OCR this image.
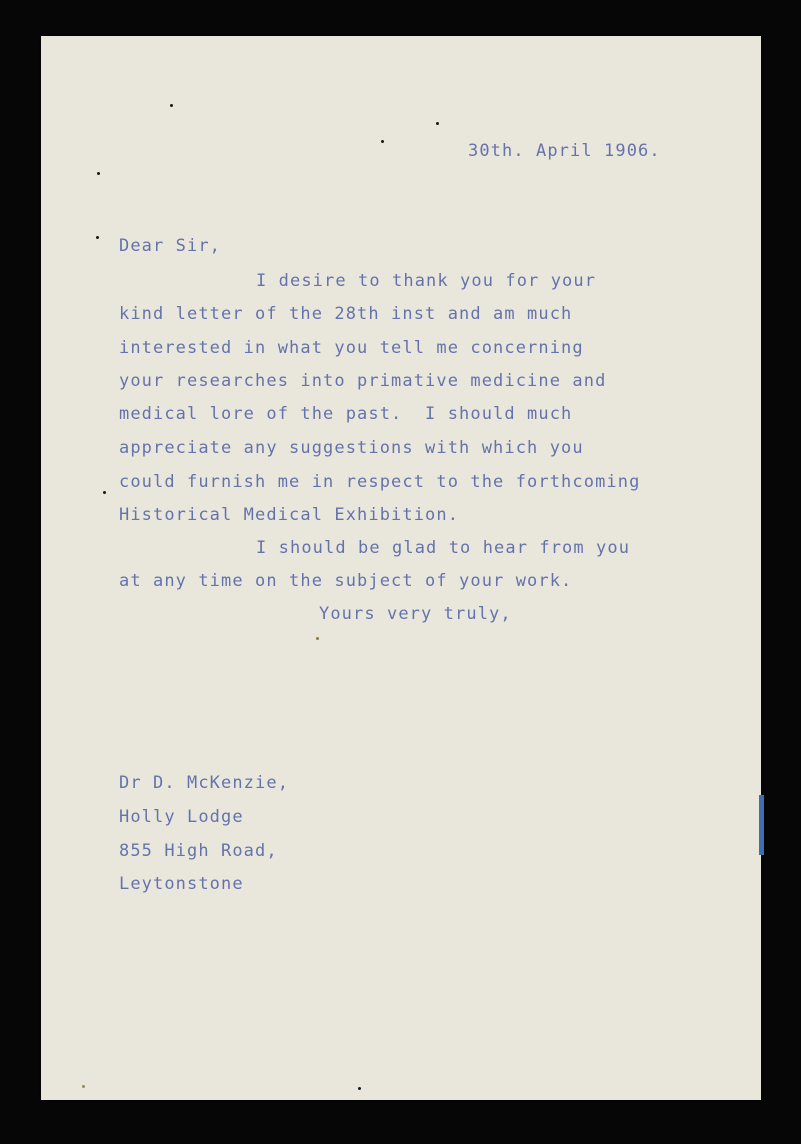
30th. April 1906.
Dear Sir,
I desire to thank you for your
kind letter of the 28th inst and am much
interested in what you tell me concerning
your researches into primative medicine and
medical lore of the past.  I should much
appreciate any suggestions with which you
could furnish me in respect to the forthcoming
Historical Medical Exhibition.
I should be glad to hear from you
at any time on the subject of your work.
Yours very truly,
Dr D. McKenzie,
Holly Lodge
855 High Road,
Leytonstone
